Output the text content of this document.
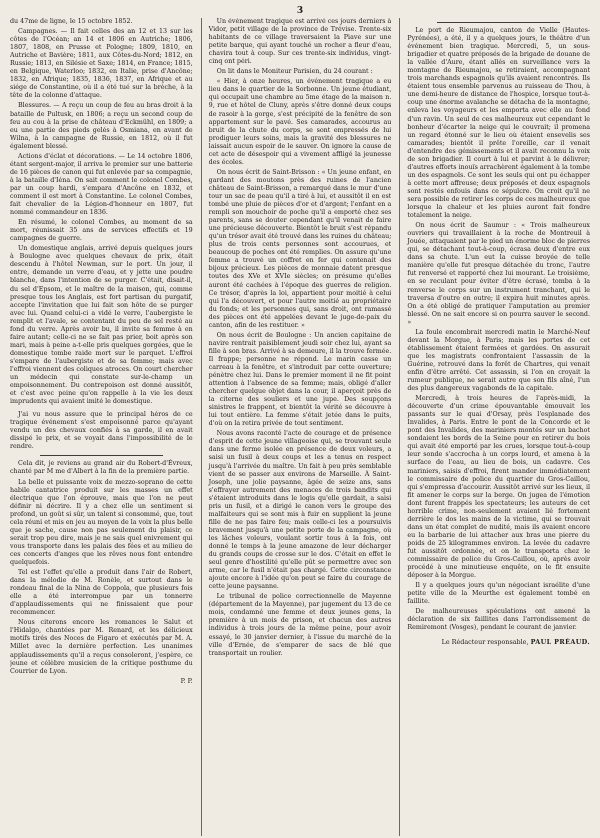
3

du 47me de ligne, le 15 octobre 1852.

Campagnes. — Il fait celles des an 12 et 13 sur les côtes de l'Océan; an 14 et 1806 en Autriche; 1806, 1807, 1808, en Prusse et Pologne; 1809, 1810, en Autriche et Bavière; 1811, aux Côtes-du-Nord; 1812, en Russie; 1813, en Silésie et Saxe; 1814, en France; 1815, en Belgique, Waterloo; 1832, en Italie, prise d'Ancône; 1832, en Afrique; 1835, 1836, 1837, en Afrique et au siége de Constantine, où il a été tué sur la brèche, à la tête de la colonne d'attaque.

Blessures. — A reçu un coup de feu au bras droit à la bataille de Pultusk, en 1806; a reçu un second coup de feu au cou à la prise de château d'Eckmühl, en 1809; a eu une partie des pieds gelés à Osmiana, en avant de Wilna, à la campagne de Russie, en 1812, où il fut également blessé.

Actions d'éclat et décorations. — Le 14 octobre 1806, étant sergent-major, il arriva le premier sur une batterie de 16 pièces de canon qui fut enlevée par sa compagnie, à la bataille d'Iéna. On sait comment le colonel Combes, par un coup hardi, s'empara d'Ancône en 1832, et comment il est mort à Constantine. Le colonel Combes, fait chevalier de la Légion-d'honneur en 1807, fut nommé commandeur en 1836.

En résumé, le colonel Combes, au moment de sa mort, réunissait 35 ans de services effectifs et 19 campagnes de guerre.

Un domestique anglais, arrivé depuis quelques jours à Boulogne avec quelques chevaux de prix, était descendu à l'hôtel Newman, sur le port. Un jour, il entre, demande un verre d'eau, et y jette une poudre blanche, dans l'intention de se purger. C'était, disait-il, du sel d'Epsom, et le maître de la maison, qui, comme presque tous les Anglais, est fort partisan du purgatif, accepte l'invitation que lui fait son hôte de se purger avec lui. Quand celui-ci a vidé le verre, l'aubergiste le remplit et l'avale, se contentant du peu de sel resté au fond du verre. Après avoir bu, il invite sa femme à en faire autant; celle-ci ne se fait pas prier, boit après son mari, mais à peine a-t-elle pris quelques gorgées, que le domestique tombe raide mort sur le parquet. L'effroi s'empare de l'aubergiste et de sa femme; mais avec l'effroi viennent des coliques atroces. On court chercher un médecin qui constate sur-le-champ un empoisonnement. Du contrepoison est donné aussitôt, et c'est avec peine qu'on rappelle à la vie les deux imprudents qui avaient imité le domestique.

J'ai vu nous assure que le principal héros de ce tragique événement s'est empoisonné parce qu'ayant vendu un des chevaux confiés à sa garde, il en avait dissipé le prix, et se voyait dans l'impossibilité de le rendre.

Cela dit, je reviens au grand air du Robert-d'Évreux, chanté par M me d'Albert à la fin de la première partie.

La belle et puissante voix de mezzo-soprano de cette habile cantatrice produit sur les masses un effet électrique que l'on éprouve, mais que l'on ne peut définir ni décrire. Il y a chez elle un sentiment si profond, un goût si sûr, un talent si consommé, que, tout cela réuni et mis en jeu au moyen de la voix la plus belle que je sache, cause non pas seulement du plaisir, ce serait trop peu dire, mais je ne sais quel enivrement qui vous transporte dans les palais des fées et au milieu de ces concerts d'anges que les rêves nous font entendre quelquefois.

Tel est l'effet qu'elle a produit dans l'air de Robert, dans la mélodie de M. Ronèle, et surtout dans le rondeau final de la Nina de Coppola, que plusieurs fois elle a été interrompue par un tonnerre d'applaudissements qui ne finissaient que pour recommencer.

Nous citerons encore les romances le Salut et l'Hidalgo, chantées par M. Renard, et les délicieux motifs tirés des Noces de Figaro et exécutés par M. A. Millet avec la dernière perfection. Les unanimes applaudissements qu'il a reçus consoleront, j'espère, ce jeune et célèbre musicien de la critique posthume du Courrier de Lyon.

P. P.

Un événement tragique est arrivé ces jours derniers à Vidor, petit village de la province de Trévise. Trente-six habitants de ce village traversaient la Piave sur une petite barque, qui ayant touché un rocher a fleur d'eau, chavira tout à coup. Sur ces trente-six individus, vingt-cinq ont péri.

On lit dans le Moniteur Parisien, du 24 courant :

« Hier, à onze heures, un événement tragique a eu lieu dans le quartier de la Sorbonne. Un jeune étudiant, qui occupait une chambre au 5me étage de la maison n. 9, rue et hôtel de Cluny, après s'être donné deux coups de rasoir à la gorge, s'est précipité de la fenêtre de son appartement sur le pavé. Ses camarades, accourus au bruit de la chute du corps, se sont empressés de lui prodiguer leurs soins, mais la gravité des blessures ne laissait aucun espoir de le sauver. On ignore la cause de cet acte de désespoir qui a vivement affligé la jeunesse des écoles.

On nous écrit de Saint-Brisson : « Un jeune enfant, en gardant des moutons près des ruines de l'ancien château de Saint-Brisson, a remarqué dans le mur d'une tour un sac de peau qu'il a tiré à lui, et aussitôt il en est tombé une pluie de pièces d'or et d'argent; l'enfant en a rempli son mouchoir de poche qu'il a emporté chez ses parents, sans se douter cependant qu'il venait de faire une précieuse découverte. Bientôt le bruit s'est répandu qu'un trésor avait été trouvé dans les ruines du château; plus de trois cents personnes sont accourues, et beaucoup de poches ont été remplies. On assure qu'une femme a trouvé un coffret en fer qui contenait des bijoux précieux. Les pièces de monnaie datent presque toutes des XVe et XVIe siècles; on présume qu'elles auront été cachées à l'époque des guerres de religion. Ce trésor, d'après la loi, appartient pour moitié à celui qui l'a découvert, et pour l'autre moitié au propriétaire du fonds; et les personnes qui, sans droit, ont ramassé des pièces ont été appelées devant le juge-de-paix du canton, afin de les restituer. »

On nous écrit de Boulogne : Un ancien capitaine de navire rentrait paisiblement jeudi soir chez lui, ayant sa fille à son bras. Arrivé à sa demeure, il la trouve fermée. Il frappe; personne ne répond. Le marin casse un carreau à la fenêtre, et s'introduit par cette ouverture; pénètre chez lui. Dans le premier moment il ne fit point attention à l'absence de sa femme; mais, obligé d'aller chercher quelque objet dans la cour, il aperçoit près de la citerne des souliers et une jupe. Des soupçons sinistres le frappent, et bientôt la vérité se découvre à lui tout entière. La femme s'était jetée dans le puits, d'où on la retira privée de tout sentiment.

Nous avons raconté l'acte de courage et de présence d'esprit de cette jeune villageoise qui, se trouvant seule dans une ferme isolée en présence de deux voleurs, a saisi un fusil à deux coups et les a tenus en respect jusqu'à l'arrivée du maître. Un fait à peu près semblable vient de se passer aux environs de Marseille. À Saint-Joseph, une jolie paysanne, âgée de seize ans, sans s'effrayer autrement des menaces de trois bandits qui s'étaient introduits dans le logis qu'elle gardait, a saisi pris un fusil, et a dirigé le canon vers le groupe des malfaiteurs qui se sont mis à fuir en supplient la jeune fille de ne pas faire feu; mais celle-ci les a poursuivis bravement jusqu'à une petite porte de la campagne, où les lâches voleurs, voulant sortir tous à la fois, ont donné le temps à la jeune amazone de leur décharger du grands coups de crosse sur le dos. C'était en effet le seul genre d'hostilité qu'elle pût se permettre avec son arme, car le fusil n'était pas chargé. Cette circonstance ajoute encore à l'idée qu'on peut se faire du courage de cette jeune paysanne.

Le tribunal de police correctionnelle de Mayenne (département de la Mayenne), par jugement du 13 de ce mois, condamné une femme et deux jeunes gens, la première à un mois de prison, et chacun des autres individus à trois jours de la même peine, pour avoir essayé, le 30 janvier dernier, à l'issue du marché de la ville d'Ernée, de s'emparer de sacs de blé que transportait un roulier.

Le port de Rieumajou, canton de Vielle (Hautes-Pyrénées), a été, il y a quelques jours, le théâtre d'un événement bien tragique. Mercredi, 5, un sous-brigadier et quatre préposés de la brigade de douane de la vallée d'Aure, étant allés en surveillance vers la montagne de Rieumajou, se retiraient, accompagnant trois marchands espagnols qu'ils avaient rencontrés. Ils étaient tous ensemble parvenus au ruisseau de Thou, à une demi-heure de distance de l'hospice, lorsque tout-à-coup une énorme avalanche se détacha de la montagne, enleva les voyageurs et les emporta avec elle au fond d'un ravin. Un seul de ces malheureux eut cependant le bonheur d'écarter la neige qui le couvrait; il promena un regard étonné sur le lieu où étaient ensevelis ses camarades; bientôt il prête l'oreille, car il venait d'entendre des gémissements et il avait reconnu la voix de son brigadier. Il court à lui et parvint à le délivrer; d'autres efforts inouïs arrachèrent également à la tombe un des espagnols. Ce sont les seuls qui ont pu échapper à cette mort affreuse; deux préposés et deux espagnols sont restés enfouis dans ce sépulcre. On croit qu'il ne sera possible de retirer les corps de ces malheureux que lorsque la chaleur et les pluies auront fait fondre totalement la neige.

On nous écrit de Saumur : « Trois malheureux ouvriers qui travaillaient à la roche de Montreuil à Jouée, attaquaient par le pied un énorme bloc de pierres qui, se détachant tout-à-coup, écrasa deux d'entre eux dans sa chute. L'un eut la cuisse broyée de telle manière qu'elle fut presque détachée du tronc, l'autre fut renversé et rapporté chez lui mourant. Le troisième, en se reculant pour éviter d'être écrasé, tomba à la renverse le corps sur un instrument tranchant, qui le traversa d'outre en outre; il expira huit minutes après. On a été obligé de pratiquer l'amputation au premier blessé. On ne sait encore si on pourra sauver le second. »

La foule encombrait mercredi matin le Marché-Neuf devant la Morgue, à Paris; mais les portes de cet établissement étaient fermées et gardées. On assurait que les magistrats confrontaient l'assassin de la Guérine, retrouvé dans la forêt de Chartres, qui venait enfin d'être arrêté. Cet assassin, si l'on en croyait la rumeur publique, ne serait autre que son fils aîné, l'un des plus dangereux vagabonds de la capitale.

Mercredi, à trois heures de l'après-midi, la découverte d'un crime épouvantable émouvait les passants sur le quai d'Orsay, près l'esplanade des Invalides, à Paris. Entre le pont de la Concorde et le pont des Invalides, des mariniers montés sur un bachot sondaient les bords de la Seine pour en retirer du bois qui avait été emporté par les crues, lorsque tout-à-coup leur sonde s'accrocha à un corps lourd, et amena à la surface de l'eau, au lieu de bois, un cadavre. Ces mariniers, saisis d'effroi, firent mander immédiatement le commissaire de police du quartier du Gros-Caillou, qui s'empressa d'accourir. Aussitôt arrivé sur les lieux, il fit amener le corps sur la berge. On jugea de l'émotion dont furent frappés les spectateurs; les auteurs de cet horrible crime, non-seulement avaient lié fortement derrière le dos les mains de la victime, qui se trouvait dans un état complet de nudité, mais ils avaient encore eu la barbarie de lui attacher aux bras une pierre du poids de 25 kilogrammes environ. La levée du cadavre fut aussitôt ordonnée, et on le transporta chez le commissaire de police du Gros-Caillou, où, après avoir procédé à une minutieuse enquête, on le fit ensuite déposer à la Morgue.

Il y a quelques jours qu'un négociant israélite d'une petite ville de la Meurthe est également tombé en faillite.

De malheureuses spéculations ont amené la déclaration de six faillites dans l'arrondissement de Remiremont (Vosges), pendant le courant de janvier.

Le Rédacteur responsable, PAUL PRÉAUD.
